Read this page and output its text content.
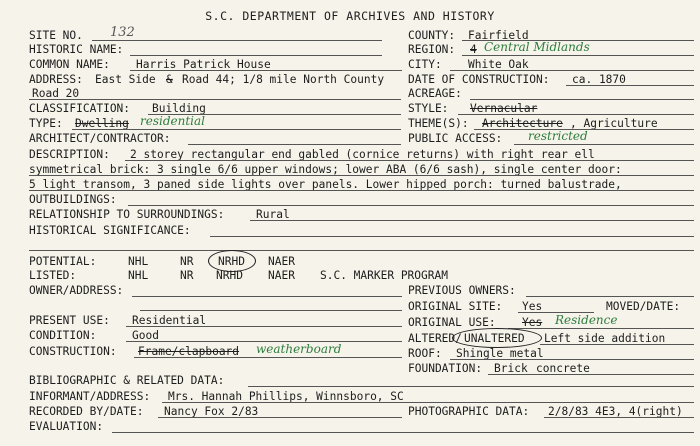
S.C. DEPARTMENT OF ARCHIVES AND HISTORY
SITE NO. 132
HISTORIC NAME:
COMMON NAME: Harris Patrick House
ADDRESS: East Side & Road 44; 1/8 mile North County
Road 20
CLASSIFICATION: Building
TYPE: Dwelling residential
ARCHITECT/CONTRACTOR:
COUNTY: Fairfield
REGION: 4 Central Midlands
CITY: White Oak
DATE OF CONSTRUCTION: ca. 1870
ACREAGE:
STYLE: Vernacular
THEME(S): Architecture , Agriculture
PUBLIC ACCESS: restricted
DESCRIPTION: 2 storey rectangular end gabled (cornice returns) with right rear ell
symmetrical brick: 3 single 6/6 upper windows; lower ABA (6/6 sash), single center door:
5 light transom, 3 paned side lights over panels. Lower hipped porch: turned balustrade,
OUTBUILDINGS:
RELATIONSHIP TO SURROUNDINGS:	Rural
HISTORICAL SIGNIFICANCE:
POTENTIAL:	NHL	NR NRHD NAER
LISTED:	NHL	NR NRHD NAER S.C. MARKER PROGRAM
OWNER/ADDRESS:	PREVIOUS OWNERS:
ORIGINAL SITE: Yes	MOVED/DATE:
ORIGINAL USE: Yes Residence
ALTERED/ UNALTERED Left side addition
ROOF: Shingle metal
FOUNDATION: Brick concrete
PRESENT USE: Residential
CONDITION:	Good
CONSTRUCTION: Frame/clapboard weatherboard
BIBLIOGRAPHIC & RELATED DATA:
INFORMANT/ADDRESS: Mrs. Hannah Phillips, Winnsboro, SC
RECORDED BY/DATE: Nancy Fox 2/83	PHOTOGRAPHIC DATA: 2/8/83 4E3, 4(right)
EVALUATION:
